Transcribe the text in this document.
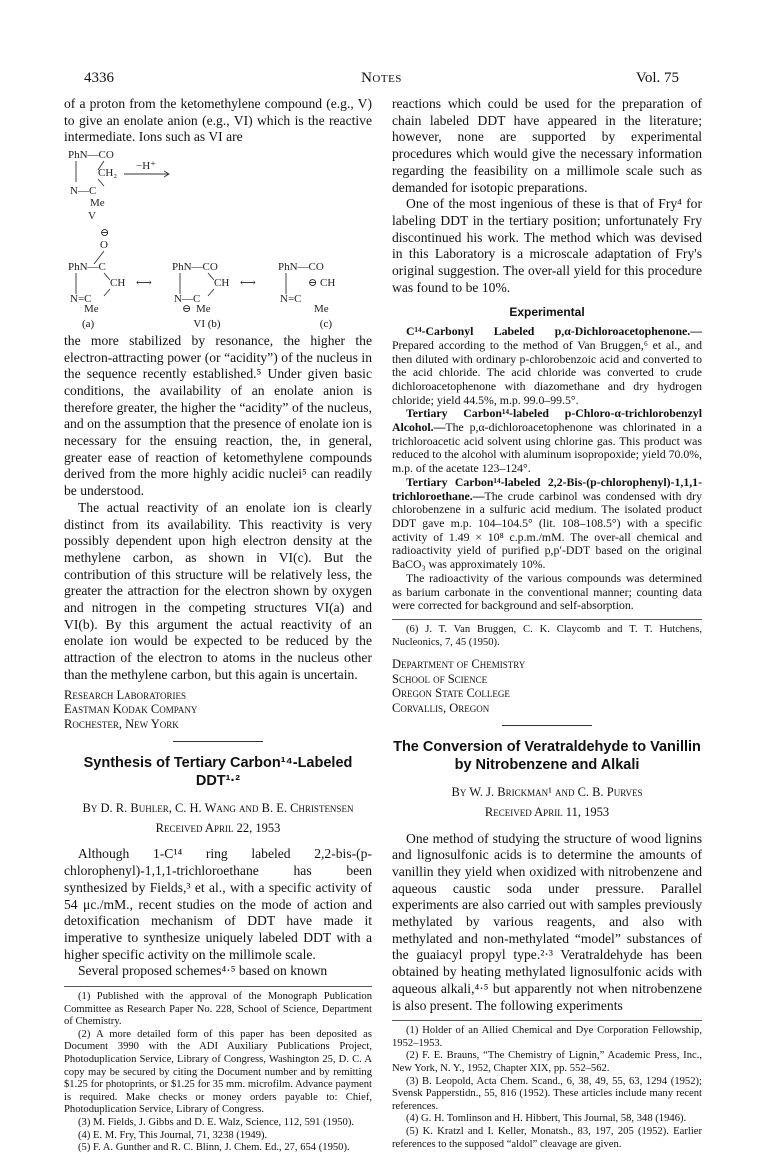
4336	Notes	Vol. 75

of a proton from the ketomethylene compound (e.g., V) to give an enolate anion (e.g., VI) which is the reactive intermediate. Ions such as VI are

PhN—CO
CH₂
−H⁺
N—C
Me
V
⊖
O
PhN—C
CH
N=C
Me
⟷
PhN—CO
CH
N—C
⊖ Me
⟷
PhN—CO
⊖ CH
N=C
Me
(a)	VI (b)	(c)

the more stabilized by resonance, the higher the electron-attracting power (or “acidity”) of the nucleus in the sequence recently established.⁵ Under given basic conditions, the availability of an enolate anion is therefore greater, the higher the “acidity” of the nucleus, and on the assumption that the presence of enolate ion is necessary for the ensuing reaction, the, in general, greater ease of reaction of ketomethylene compounds derived from the more highly acidic nuclei⁵ can readily be understood.

The actual reactivity of an enolate ion is clearly distinct from its availability. This reactivity is very possibly dependent upon high electron density at the methylene carbon, as shown in VI(c). But the contribution of this structure will be relatively less, the greater the attraction for the electron shown by oxygen and nitrogen in the competing structures VI(a) and VI(b). By this argument the actual reactivity of an enolate ion would be expected to be reduced by the attraction of the electron to atoms in the nucleus other than the methylene carbon, but this again is uncertain.

Research Laboratories
Eastman Kodak Company
Rochester, New York
Synthesis of Tertiary Carbon¹⁴-Labeled DDT¹·²
By D. R. Buhler, C. H. Wang and B. E. Christensen
Received April 22, 1953

Although 1-C¹⁴ ring labeled 2,2-bis-(p-chlorophenyl)-1,1,1-trichloroethane has been synthesized by Fields,³ et al., with a specific activity of 54 μc./mM., recent studies on the mode of action and detoxification mechanism of DDT have made it imperative to synthesize uniquely labeled DDT with a higher specific activity on the millimole scale.

Several proposed schemes⁴·⁵ based on known

(1) Published with the approval of the Monograph Publication Committee as Research Paper No. 228, School of Science, Department of Chemistry.

(2) A more detailed form of this paper has been deposited as Document 3990 with the ADI Auxiliary Publications Project, Photoduplication Service, Library of Congress, Washington 25, D. C. A copy may be secured by citing the Document number and by remitting $1.25 for photoprints, or $1.25 for 35 mm. microfilm. Advance payment is required. Make checks or money orders payable to: Chief, Photoduplication Service, Library of Congress.

(3) M. Fields, J. Gibbs and D. E. Walz, Science, 112, 591 (1950).

(4) E. M. Fry, This Journal, 71, 3238 (1949).

(5) F. A. Gunther and R. C. Blinn, J. Chem. Ed., 27, 654 (1950).

reactions which could be used for the preparation of chain labeled DDT have appeared in the literature; however, none are supported by experimental procedures which would give the necessary information regarding the feasibility on a millimole scale such as demanded for isotopic preparations.

One of the most ingenious of these is that of Fry⁴ for labeling DDT in the tertiary position; unfortunately Fry discontinued his work. The method which was devised in this Laboratory is a microscale adaptation of Fry's original suggestion. The over-all yield for this procedure was found to be 10%.

Experimental

C¹⁴-Carbonyl Labeled p,α-Dichloroacetophenone.—Prepared according to the method of Van Bruggen,⁶ et al., and then diluted with ordinary p-chlorobenzoic acid and converted to the acid chloride. The acid chloride was converted to crude dichloroacetophenone with diazomethane and dry hydrogen chloride; yield 44.5%, m.p. 99.0–99.5°.

Tertiary Carbon¹⁴-labeled p-Chloro-α-trichlorobenzyl Alcohol.—The p,α-dichloroacetophenone was chlorinated in a trichloroacetic acid solvent using chlorine gas. This product was reduced to the alcohol with aluminum isopropoxide; yield 70.0%, m.p. of the acetate 123–124°.

Tertiary Carbon¹⁴-labeled 2,2-Bis-(p-chlorophenyl)-1,1,1-trichloroethane.—The crude carbinol was condensed with dry chlorobenzene in a sulfuric acid medium. The isolated product DDT gave m.p. 104–104.5° (lit. 108–108.5°) with a specific activity of 1.49 × 10⁸ c.p.m./mM. The over-all chemical and radioactivity yield of purified p,p′-DDT based on the original BaCO₃ was approximately 10%.

The radioactivity of the various compounds was determined as barium carbonate in the conventional manner; counting data were corrected for background and self-absorption.

(6) J. T. Van Bruggen, C. K. Claycomb and T. T. Hutchens, Nucleonics, 7, 45 (1950).

Department of Chemistry
School of Science
Oregon State College
Corvallis, Oregon
The Conversion of Veratraldehyde to Vanillin by Nitrobenzene and Alkali
By W. J. Brickman¹ and C. B. Purves
Received April 11, 1953

One method of studying the structure of wood lignins and lignosulfonic acids is to determine the amounts of vanillin they yield when oxidized with nitrobenzene and aqueous caustic soda under pressure. Parallel experiments are also carried out with samples previously methylated by various reagents, and also with methylated and non-methylated “model” substances of the guaiacyl propyl type.²·³ Veratraldehyde has been obtained by heating methylated lignosulfonic acids with aqueous alkali,⁴·⁵ but apparently not when nitrobenzene is also present. The following experiments

(1) Holder of an Allied Chemical and Dye Corporation Fellowship, 1952–1953.

(2) F. E. Brauns, “The Chemistry of Lignin,” Academic Press, Inc., New York, N. Y., 1952, Chapter XIX, pp. 552–562.

(3) B. Leopold, Acta Chem. Scand., 6, 38, 49, 55, 63, 1294 (1952); Svensk Papperstidn., 55, 816 (1952). These articles include many recent references.

(4) G. H. Tomlinson and H. Hibbert, This Journal, 58, 348 (1946).

(5) K. Kratzl and I. Keller, Monatsh., 83, 197, 205 (1952). Earlier references to the supposed “aldol” cleavage are given.
